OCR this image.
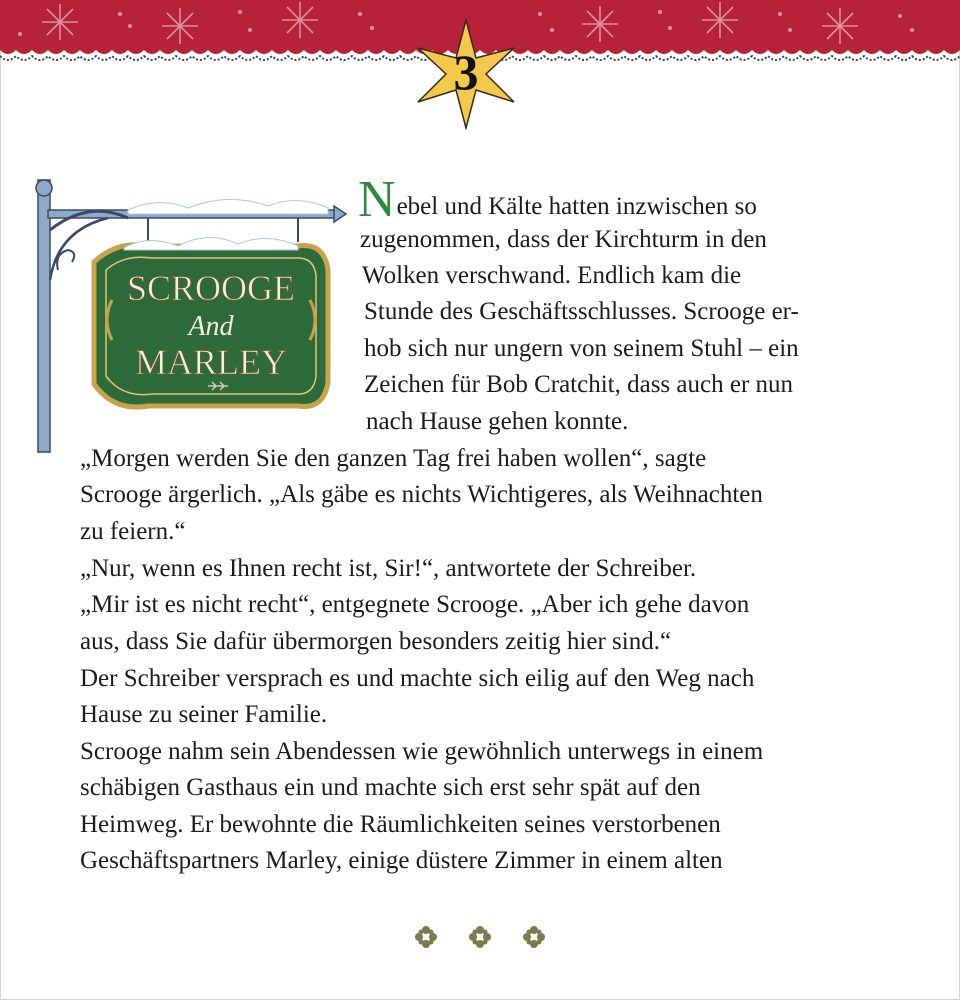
3
SCROOGE
And
MARLEY
Nebel und Kälte hatten inzwischen so
zugenommen, dass der Kirchturm in den
Wolken verschwand. Endlich kam die
Stunde des Geschäftsschlusses. Scrooge er-
hob sich nur ungern von seinem Stuhl – ein
Zeichen für Bob Cratchit, dass auch er nun
nach Hause gehen konnte.
„Morgen werden Sie den ganzen Tag frei haben wollen“, sagte
Scrooge ärgerlich. „Als gäbe es nichts Wichtigeres, als Weihnachten
zu feiern.“
„Nur, wenn es Ihnen recht ist, Sir!“, antwortete der Schreiber.
„Mir ist es nicht recht“, entgegnete Scrooge. „Aber ich gehe davon
aus, dass Sie dafür übermorgen besonders zeitig hier sind.“
Der Schreiber versprach es und machte sich eilig auf den Weg nach
Hause zu seiner Familie.
Scrooge nahm sein Abendessen wie gewöhnlich unterwegs in einem
schäbigen Gasthaus ein und machte sich erst sehr spät auf den
Heimweg. Er bewohnte die Räumlichkeiten seines verstorbenen
Geschäftspartners Marley, einige düstere Zimmer in einem alten
